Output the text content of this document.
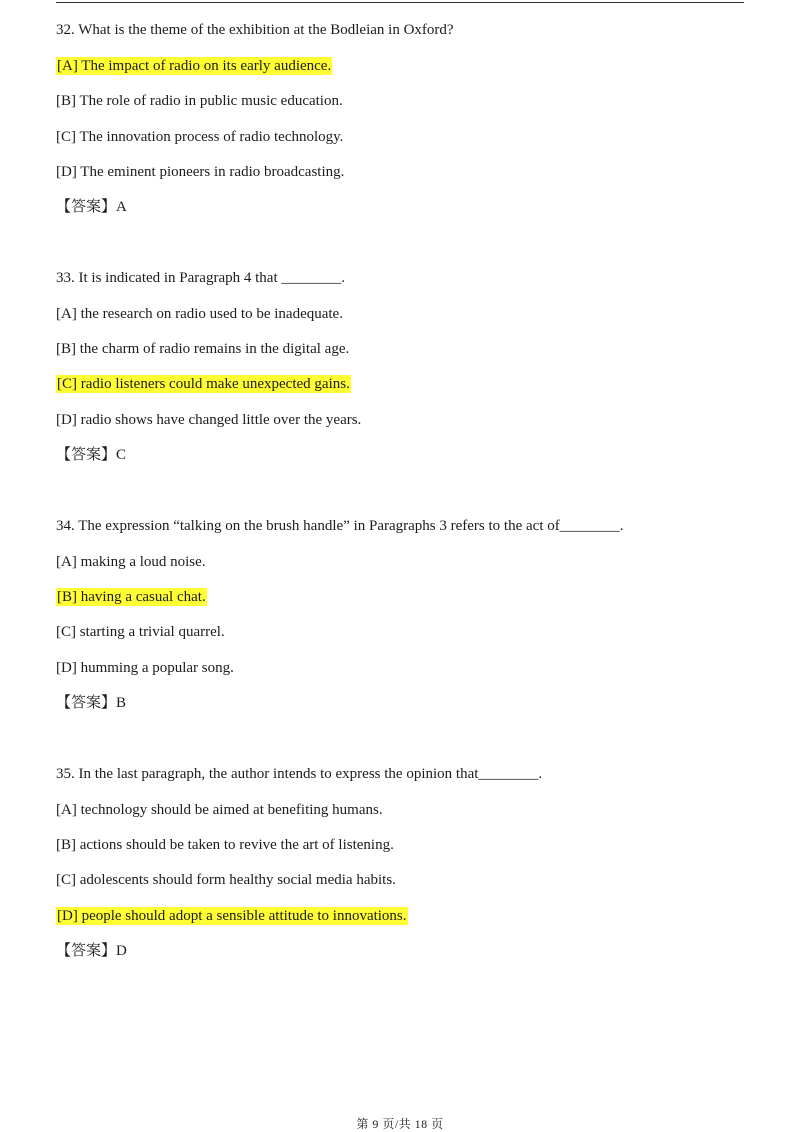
32. What is the theme of the exhibition at the Bodleian in Oxford?
[A] The impact of radio on its early audience.
[B] The role of radio in public music education.
[C] The innovation process of radio technology.
[D] The eminent pioneers in radio broadcasting.
【答案】A
33. It is indicated in Paragraph 4 that ________.
[A] the research on radio used to be inadequate.
[B] the charm of radio remains in the digital age.
[C] radio listeners could make unexpected gains.
[D] radio shows have changed little over the years.
【答案】C
34. The expression “talking on the brush handle” in Paragraphs 3 refers to the act of________.
[A] making a loud noise.
[B] having a casual chat.
[C] starting a trivial quarrel.
[D] humming a popular song.
【答案】B
35. In the last paragraph, the author intends to express the opinion that________.
[A] technology should be aimed at benefiting humans.
[B] actions should be taken to revive the art of listening.
[C] adolescents should form healthy social media habits.
[D] people should adopt a sensible attitude to innovations.
【答案】D
第 9 页/共 18 页
